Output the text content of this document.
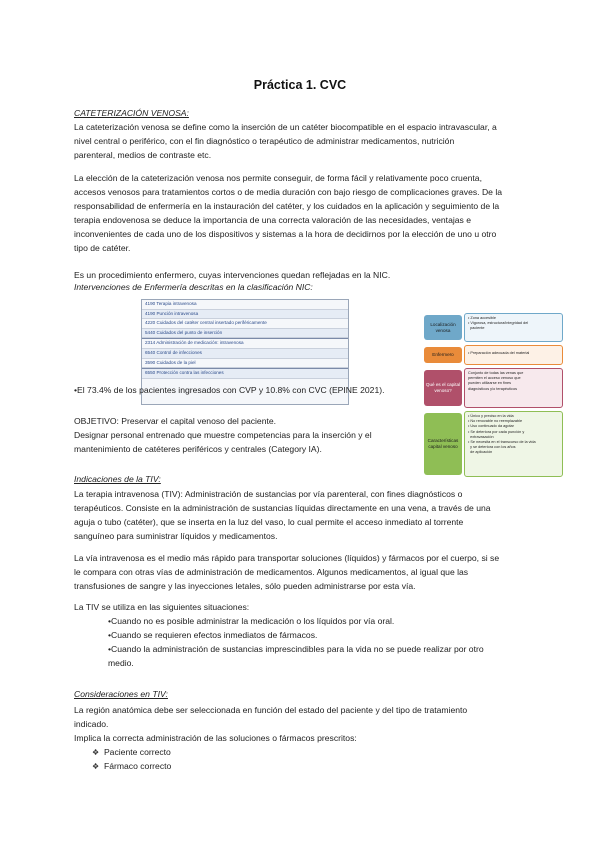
Práctica 1. CVC
CATETERIZACIÓN VENOSA:
La cateterización venosa se define como la inserción de un catéter biocompatible en el espacio intravascular, a
nivel central o periférico, con el fin diagnóstico o terapéutico de administrar medicamentos, nutrición
parenteral, medios de contraste etc.
La elección de la cateterización venosa nos permite conseguir, de forma fácil y relativamente poco cruenta,
accesos venosos para tratamientos cortos o de media duración con bajo riesgo de complicaciones graves. De la
responsabilidad de enfermería en la instauración del catéter, y los cuidados en la aplicación y seguimiento de la
terapia endovenosa se deduce la importancia de una correcta valoración de las necesidades, ventajas e
inconvenientes de cada uno de los dispositivos y sistemas a la hora de decidirnos por la elección de uno u otro
tipo de catéter.
Es un procedimiento enfermero, cuyas intervenciones quedan reflejadas en la NIC.
Intervenciones de Enfermería descritas en la clasificación NIC:
4190 Terapia intravenosa
4190 Punción intravenosa
4220 Cuidados del catéter central insertado periféricamente
5440 Cuidados del punto de inserción
2314 Administración de medicación: intravenosa
6540 Control de infecciones
3590 Cuidados de la piel
6550 Protección contra las infecciones
•El 73.4% de los pacientes ingresados con CVP y 10.8% con CVC (EPINE 2021).
OBJETIVO: Preservar el capital venoso del paciente.
Designar personal entrenado que muestre competencias para la inserción y el
mantenimiento de catéteres periféricos y centrales (Category IA).
Localización venosa
• Zona accesible
• Vigorosa, estructura/integridad del
paciente
Enfermero	• Preparación adecuada del material
Qué es el capital venoso?
Conjunto de todas las venas que
permiten el acceso venoso que
pueden utilizarse en fines
diagnósticos y/o terapéuticos
Características capital venoso
• Único y preciso en la vida
• No renovable no reemplazable
• Uso continuado da agotar
• Se deteriora por cada punción y
extravasación
• Se necesita en el transcurso de la vida
y se deteriora con los años
de aplicación
Indicaciones de la TIV:
La terapia intravenosa (TIV): Administración de sustancias por vía parenteral, con fines diagnósticos o
terapéuticos. Consiste en la administración de sustancias líquidas directamente en una vena, a través de una
aguja o tubo (catéter), que se inserta en la luz del vaso, lo cual permite el acceso inmediato al torrente
sanguíneo para suministrar líquidos y medicamentos.
La vía intravenosa es el medio más rápido para transportar soluciones (líquidos) y fármacos por el cuerpo, si se
le compara con otras vías de administración de medicamentos. Algunos medicamentos, al igual que las
transfusiones de sangre y las inyecciones letales, sólo pueden administrarse por esta vía.
La TIV se utiliza en las siguientes situaciones:
•Cuando no es posible administrar la medicación o los líquidos por vía oral.
•Cuando se requieren efectos inmediatos de fármacos.
•Cuando la administración de sustancias imprescindibles para la vida no se puede realizar por otro
medio.
Consideraciones en TIV:
La región anatómica debe ser seleccionada en función del estado del paciente y del tipo de tratamiento
indicado.
Implica la correcta administración de las soluciones o fármacos prescritos:
❖ Paciente correcto
❖ Fármaco correcto
